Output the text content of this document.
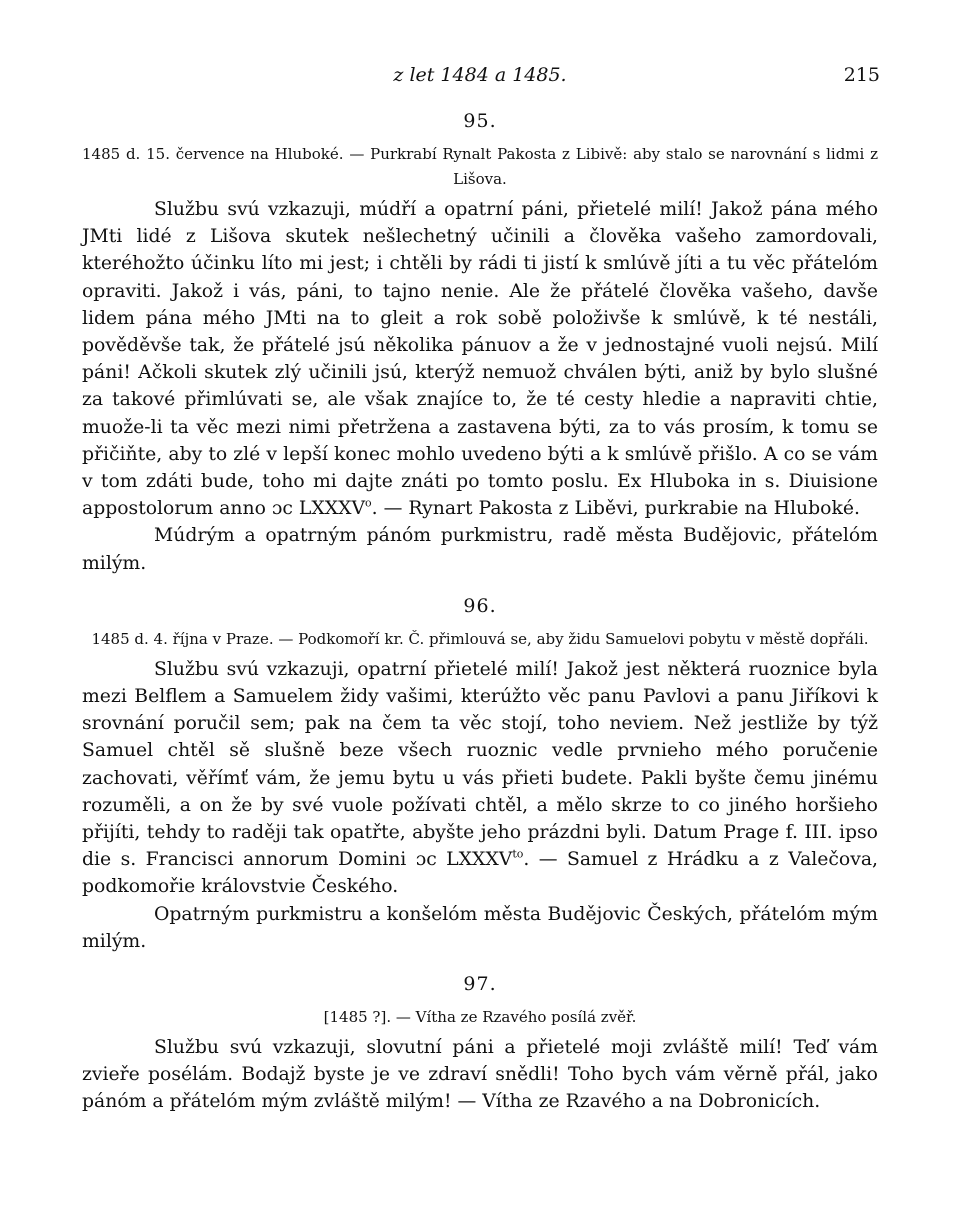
z let 1484 a 1485.	215
95.

1485 d. 15. července na Hluboké. — Purkrabí Rynalt Pakosta z Libivě: aby stalo se narovnání s lidmi z Lišova.

Službu svú vzkazuji, múdří a opatrní páni, přietelé milí! Jakož pána mého JMti lidé z Lišova skutek nešlechetný učinili a člověka vašeho zamordovali, kteréhožto účinku líto mi jest; i chtěli by rádi ti jistí k smlúvě jíti a tu věc přátelóm opraviti. Jakož i vás, páni, to tajno nenie. Ale že přátelé člověka vašeho, davše lidem pána mého JMti na to gleit a rok sobě položivše k smlúvě, k té nestáli, pověděvše tak, že přátelé jsú několika pánuov a že v jednostajné vuoli nejsú. Milí páni! Ačkoli skutek zlý učinili jsú, kterýž nemuož chválen býti, aniž by bylo slušné za takové přimlúvati se, ale však znajíce to, že té cesty hledie a napraviti chtie, muože-li ta věc mezi nimi přetržena a zastavena býti, za to vás prosím, k tomu se přičiňte, aby to zlé v lepší konec mohlo uvedeno býti a k smlúvě přišlo. A co se vám v tom zdáti bude, toho mi dajte znáti po tomto poslu. Ex Hluboka in s. Diuisione appostolorum anno ɔc LXXXV$^o$. — Rynart Pakosta z Liběvi, purkrabie na Hluboké.

Múdrým a opatrným pánóm purkmistru, radě města Budějovic, přátelóm milým.

96.

1485 d. 4. října v Praze. — Podkomoří kr. Č. přimlouvá se, aby židu Samuelovi pobytu v městě dopřáli.

Službu svú vzkazuji, opatrní přietelé milí! Jakož jest některá ruoznice byla mezi Belflem a Samuelem židy vašimi, kterúžto věc panu Pavlovi a panu Jiříkovi k srovnání poručil sem; pak na čem ta věc stojí, toho neviem. Než jestliže by týž Samuel chtěl sě slušně beze všech ruoznic vedle prvnieho mého poručenie zachovati, věřímť vám, že jemu bytu u vás přieti budete. Pakli byšte čemu jinému rozuměli, a on že by své vuole požívati chtěl, a mělo skrze to co jiného horšieho přijíti, tehdy to raději tak opatřte, abyšte jeho prázdni byli. Datum Prage f. III. ipso die s. Francisci annorum Domini ɔc $LXXXV^{to}$. — Samuel z Hrádku a z Valečova, podkomořie královstvie Českého.

Opatrným purkmistru a konšelóm města Budějovic Českých, přátelóm mým milým.

97.

[1485 ?]. — Vítha ze Rzavého posílá zvěř.

Službu svú vzkazuji, slovutní páni a přietelé moji zvláště milí! Teď vám zvieře posélám. Bodajž byste je ve zdraví snědli! Toho bych vám věrně přál, jako pánóm a přátelóm mým zvláště milým! — Vítha ze Rzavého a na Dobronicích.
